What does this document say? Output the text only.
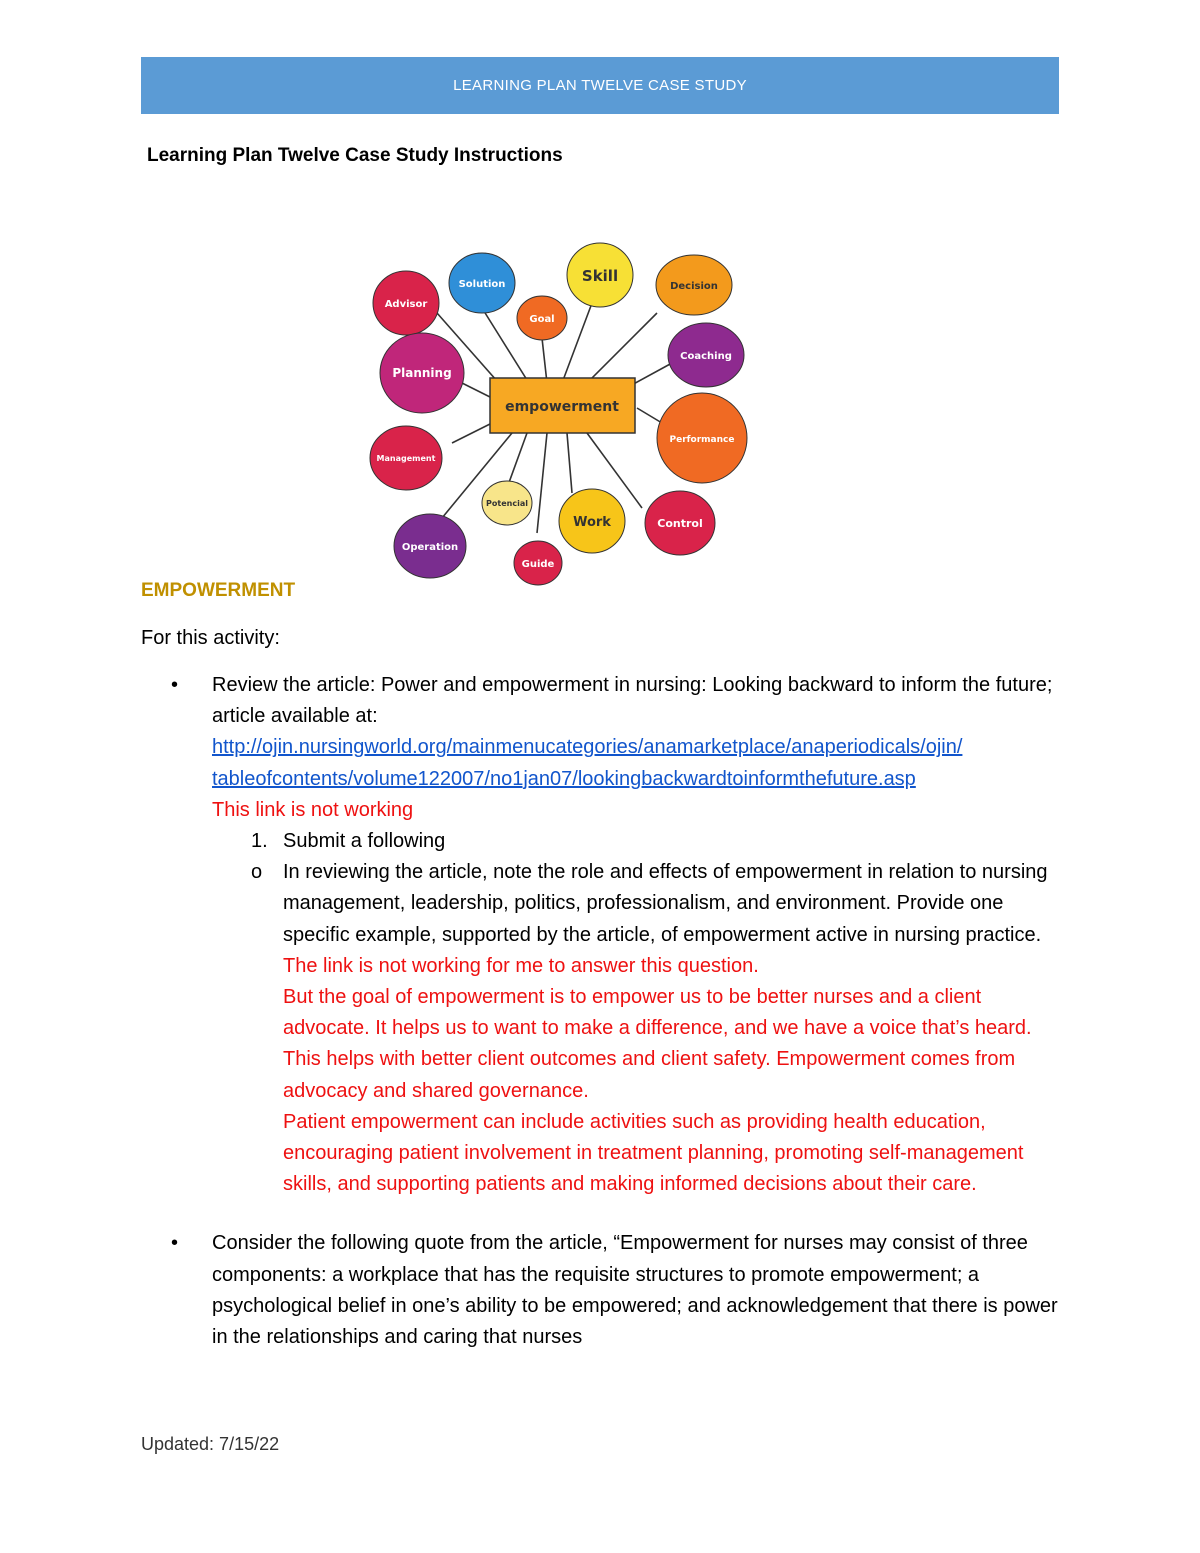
LEARNING PLAN TWELVE CASE STUDY
Learning Plan Twelve Case Study Instructions
empowerment
Advisor
Solution
Goal
Skill
Decision
Coaching
Planning
Performance
Management
Potencial
Work	Control
Operation
Guide
EMPOWERMENT
For this activity:
• Review the article: Power and empowerment in nursing: Looking backward to inform the future; article available at:
http://ojin.nursingworld.org/mainmenucategories/anamarketplace/anaperiodicals/ojin/
tableofcontents/volume122007/no1jan07/lookingbackwardtoinformthefuture.asp
This link is not working
1. Submit a following
o In reviewing the article, note the role and effects of empowerment in relation to nursing management, leadership, politics, professionalism, and environment. Provide one specific example, supported by the article, of empowerment active in nursing practice.
The link is not working for me to answer this question.
But the goal of empowerment is to empower us to be better nurses and a client advocate. It helps us to want to make a difference, and we have a voice that’s heard. This helps with better client outcomes and client safety. Empowerment comes from advocacy and shared governance.
Patient empowerment can include activities such as providing health education, encouraging patient involvement in treatment planning, promoting self-management skills, and supporting patients and making informed decisions about their care.
• Consider the following quote from the article, “Empowerment for nurses may consist of three components: a workplace that has the requisite structures to promote empowerment; a psychological belief in one’s ability to be empowered; and acknowledgement that there is power in the relationships and caring that nurses
Updated: 7/15/22
